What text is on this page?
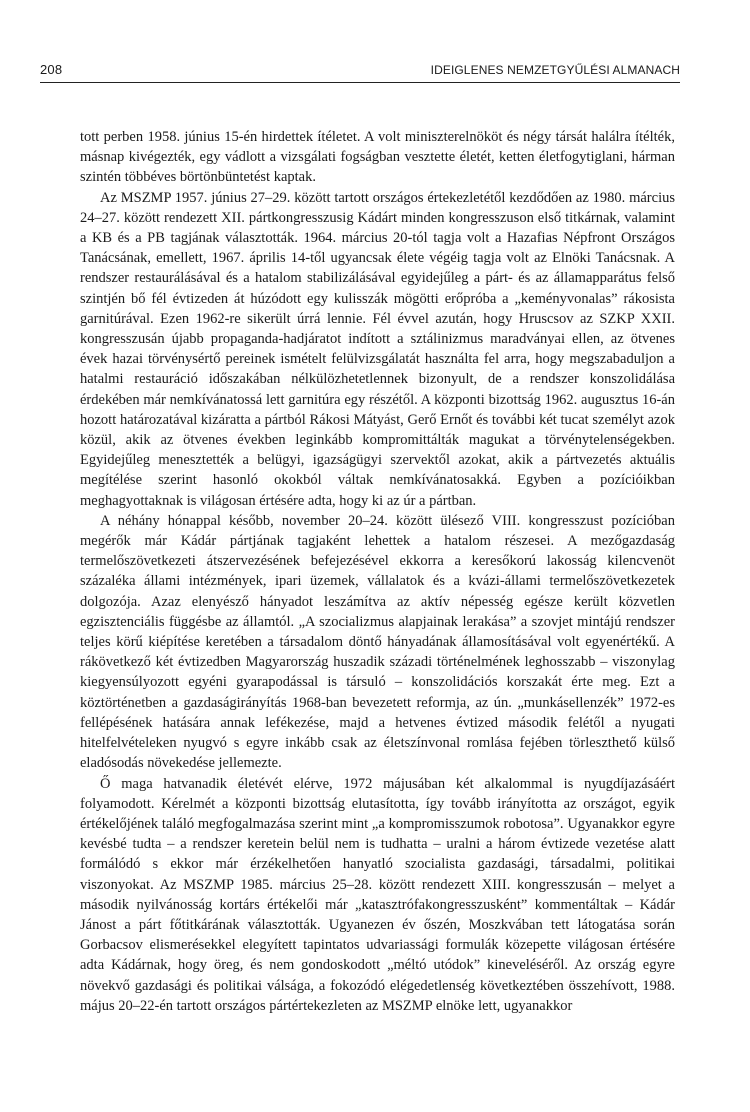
208	IDEIGLENES NEMZETGYŰLÉSI ALMANACH

tott perben 1958. június 15-én hirdettek ítéletet. A volt miniszterelnököt és négy társát halálra ítélték, másnap kivégezték, egy vádlott a vizsgálati fogságban vesztette életét, ketten életfogytiglani, hárman szintén többéves börtönbüntetést kaptak.

Az MSZMP 1957. június 27–29. között tartott országos értekezletétől kezdődően az 1980. március 24–27. között rendezett XII. pártkongresszusig Kádárt minden kongresszuson első titkárnak, valamint a KB és a PB tagjának választották. 1964. március 20-tól tagja volt a Hazafias Népfront Országos Tanácsának, emellett, 1967. április 14-től ugyancsak élete végéig tagja volt az Elnöki Tanácsnak. A rendszer restaurálásával és a hatalom stabilizálásával egyidejűleg a párt- és az államapparátus felső szintjén bő fél évtizeden át húzódott egy kulisszák mögötti erőpróba a „keményvonalas” rákosista garnitúrával. Ezen 1962-re sikerült úrrá lennie. Fél évvel azután, hogy Hruscsov az SZKP XXII. kongresszusán újabb propaganda-hadjáratot indított a sztálinizmus maradványai ellen, az ötvenes évek hazai törvénysértő pereinek ismételt felülvizsgálatát használta fel arra, hogy megszabaduljon a hatalmi restauráció időszakában nélkülözhetetlennek bizonyult, de a rendszer konszolidálása érdekében már nemkívánatossá lett garnitúra egy részétől. A központi bizottság 1962. augusztus 16-án hozott határozatával kizáratta a pártból Rákosi Mátyást, Gerő Ernőt és további két tucat személyt azok közül, akik az ötvenes években leginkább kompromittálták magukat a törvénytelenségekben. Egyidejűleg menesztették a belügyi, igazságügyi szervektől azokat, akik a pártvezetés aktuális megítélése szerint hasonló okokból váltak nemkívánatosakká. Egyben a pozícióikban meghagyottaknak is világosan értésére adta, hogy ki az úr a pártban.

A néhány hónappal később, november 20–24. között ülésező VIII. kongresszust pozícióban megérők már Kádár pártjának tagjaként lehettek a hatalom részesei. A mezőgazdaság termelőszövetkezeti átszervezésének befejezésével ekkorra a keresőkorú lakosság kilencvenöt százaléka állami intézmények, ipari üzemek, vállalatok és a kvázi-állami termelőszövetkezetek dolgozója. Azaz elenyésző hányadot leszámítva az aktív népesség egésze került közvetlen egzisztenciális függésbe az államtól. „A szocializmus alapjainak lerakása” a szovjet mintájú rendszer teljes körű kiépítése keretében a társadalom döntő hányadának államosításával volt egyenértékű. A rákövetkező két évtizedben Magyarország huszadik századi történelmének leghosszabb – viszonylag kiegyensúlyozott egyéni gyarapodással is társuló – konszolidációs korszakát érte meg. Ezt a köztörténetben a gazdaságirányítás 1968-ban bevezetett reformja, az ún. „munkásellenzék” 1972-es fellépésének hatására annak lefékezése, majd a hetvenes évtized második felétől a nyugati hitelfelvételeken nyugvó s egyre inkább csak az életszínvonal romlása fejében törleszthető külső eladósodás növekedése jellemezte.

Ő maga hatvanadik életévét elérve, 1972 májusában két alkalommal is nyugdíjazásáért folyamodott. Kérelmét a központi bizottság elutasította, így tovább irányította az országot, egyik értékelőjének találó megfogalmazása szerint mint „a kompromisszumok robotosa”. Ugyanakkor egyre kevésbé tudta – a rendszer keretein belül nem is tudhatta – uralni a három évtizede vezetése alatt formálódó s ekkor már érzékelhetően hanyatló szocialista gazdasági, társadalmi, politikai viszonyokat. Az MSZMP 1985. március 25–28. között rendezett XIII. kongresszusán – melyet a második nyilvánosság kortárs értékelői már „katasztrófakongresszusként” kommentáltak – Kádár Jánost a párt főtitkárának választották. Ugyanezen év őszén, Moszkvában tett látogatása során Gorbacsov elismerésekkel elegyített tapintatos udvariassági formulák közepette világosan értésére adta Kádárnak, hogy öreg, és nem gondoskodott „méltó utódok” kineveléséről. Az ország egyre növekvő gazdasági és politikai válsága, a fokozódó elégedetlenség következtében összehívott, 1988. május 20–22-én tartott országos pártértekezleten az MSZMP elnöke lett, ugyanakkor
